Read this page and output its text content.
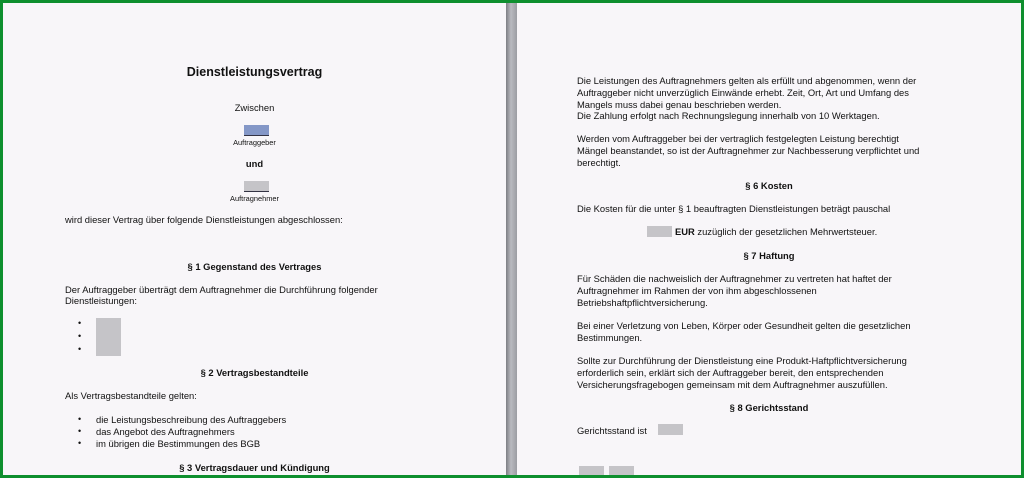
Dienstleistungsvertrag
Zwischen
Auftraggeber
und
Auftragnehmer
wird dieser Vertrag über folgende Dienstleistungen abgeschlossen:
§ 1 Gegenstand des Vertrages
Der Auftraggeber überträgt dem Auftragnehmer die Durchführung folgender
Dienstleistungen:
•
•
•
§ 2 Vertragsbestandteile
Als Vertragsbestandteile gelten:
• die Leistungsbeschreibung des Auftraggebers
• das Angebot des Auftragnehmers
• im übrigen die Bestimmungen des BGB
§ 3 Vertragsdauer und Kündigung
Die Leistungen des Auftragnehmers gelten als erfüllt und abgenommen, wenn der
Auftraggeber nicht unverzüglich Einwände erhebt. Zeit, Ort, Art und Umfang des
Mangels muss dabei genau beschrieben werden.
Die Zahlung erfolgt nach Rechnungslegung innerhalb von 10 Werktagen.
Werden vom Auftraggeber bei der vertraglich festgelegten Leistung berechtigt
Mängel beanstandet, so ist der Auftragnehmer zur Nachbesserung verpflichtet und
berechtigt.
§ 6 Kosten
Die Kosten für die unter § 1 beauftragten Dienstleistungen beträgt pauschal
EUR zuzüglich der gesetzlichen Mehrwertsteuer.
§ 7 Haftung
Für Schäden die nachweislich der Auftragnehmer zu vertreten hat haftet der
Auftragnehmer im Rahmen der von ihm abgeschlossenen
Betriebshaftpflichtversicherung.
Bei einer Verletzung von Leben, Körper oder Gesundheit gelten die gesetzlichen
Bestimmungen.
Sollte zur Durchführung der Dienstleistung eine Produkt-Haftpflichtversicherung
erforderlich sein, erklärt sich der Auftraggeber bereit, den entsprechenden
Versicherungsfragebogen gemeinsam mit dem Auftragnehmer auszufüllen.
§ 8 Gerichtsstand
Gerichtsstand ist
